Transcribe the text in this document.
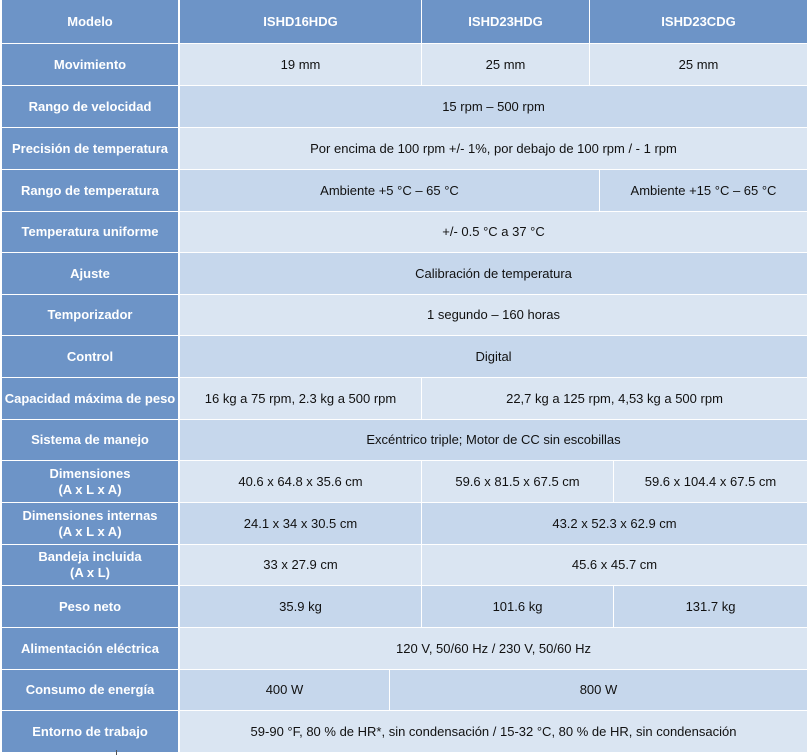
Modelo	ISHD16HDG	ISHD23HDG	ISHD23CDG
Movimiento	19 mm	25 mm	25 mm
Rango de velocidad	15 rpm – 500 rpm
Precisión de temperatura	Por encima de 100 rpm +/- 1%, por debajo de 100 rpm / - 1 rpm
Rango de temperatura	Ambiente +5 °C – 65 °C	Ambiente +15 °C – 65 °C
Temperatura uniforme	+/- 0.5 °C a 37 °C
Ajuste	Calibración de temperatura
Temporizador	1 segundo – 160 horas
Control	Digital
Capacidad máxima de peso	16 kg a 75 rpm, 2.3 kg a 500 rpm	22,7 kg a 125 rpm, 4,53 kg a 500 rpm
Sistema de manejo	Excéntrico triple; Motor de CC sin escobillas
Dimensiones
(A x L x A)
40.6 x 64.8 x 35.6 cm	59.6 x 81.5 x 67.5 cm	59.6 x 104.4 x 67.5 cm
Dimensiones internas
(A x L x A)
24.1 x 34 x 30.5 cm	43.2 x 52.3 x 62.9 cm
Bandeja incluida
(A x L)
33 x 27.9 cm	45.6 x 45.7 cm
Peso neto	35.9 kg	101.6 kg	131.7 kg
Alimentación eléctrica	120 V, 50/60 Hz / 230 V, 50/60 Hz
Consumo de energía	400 W	800 W
Entorno de trabajo	59-90 °F, 80 % de HR*, sin condensación / 15-32 °C, 80 % de HR, sin condensación
